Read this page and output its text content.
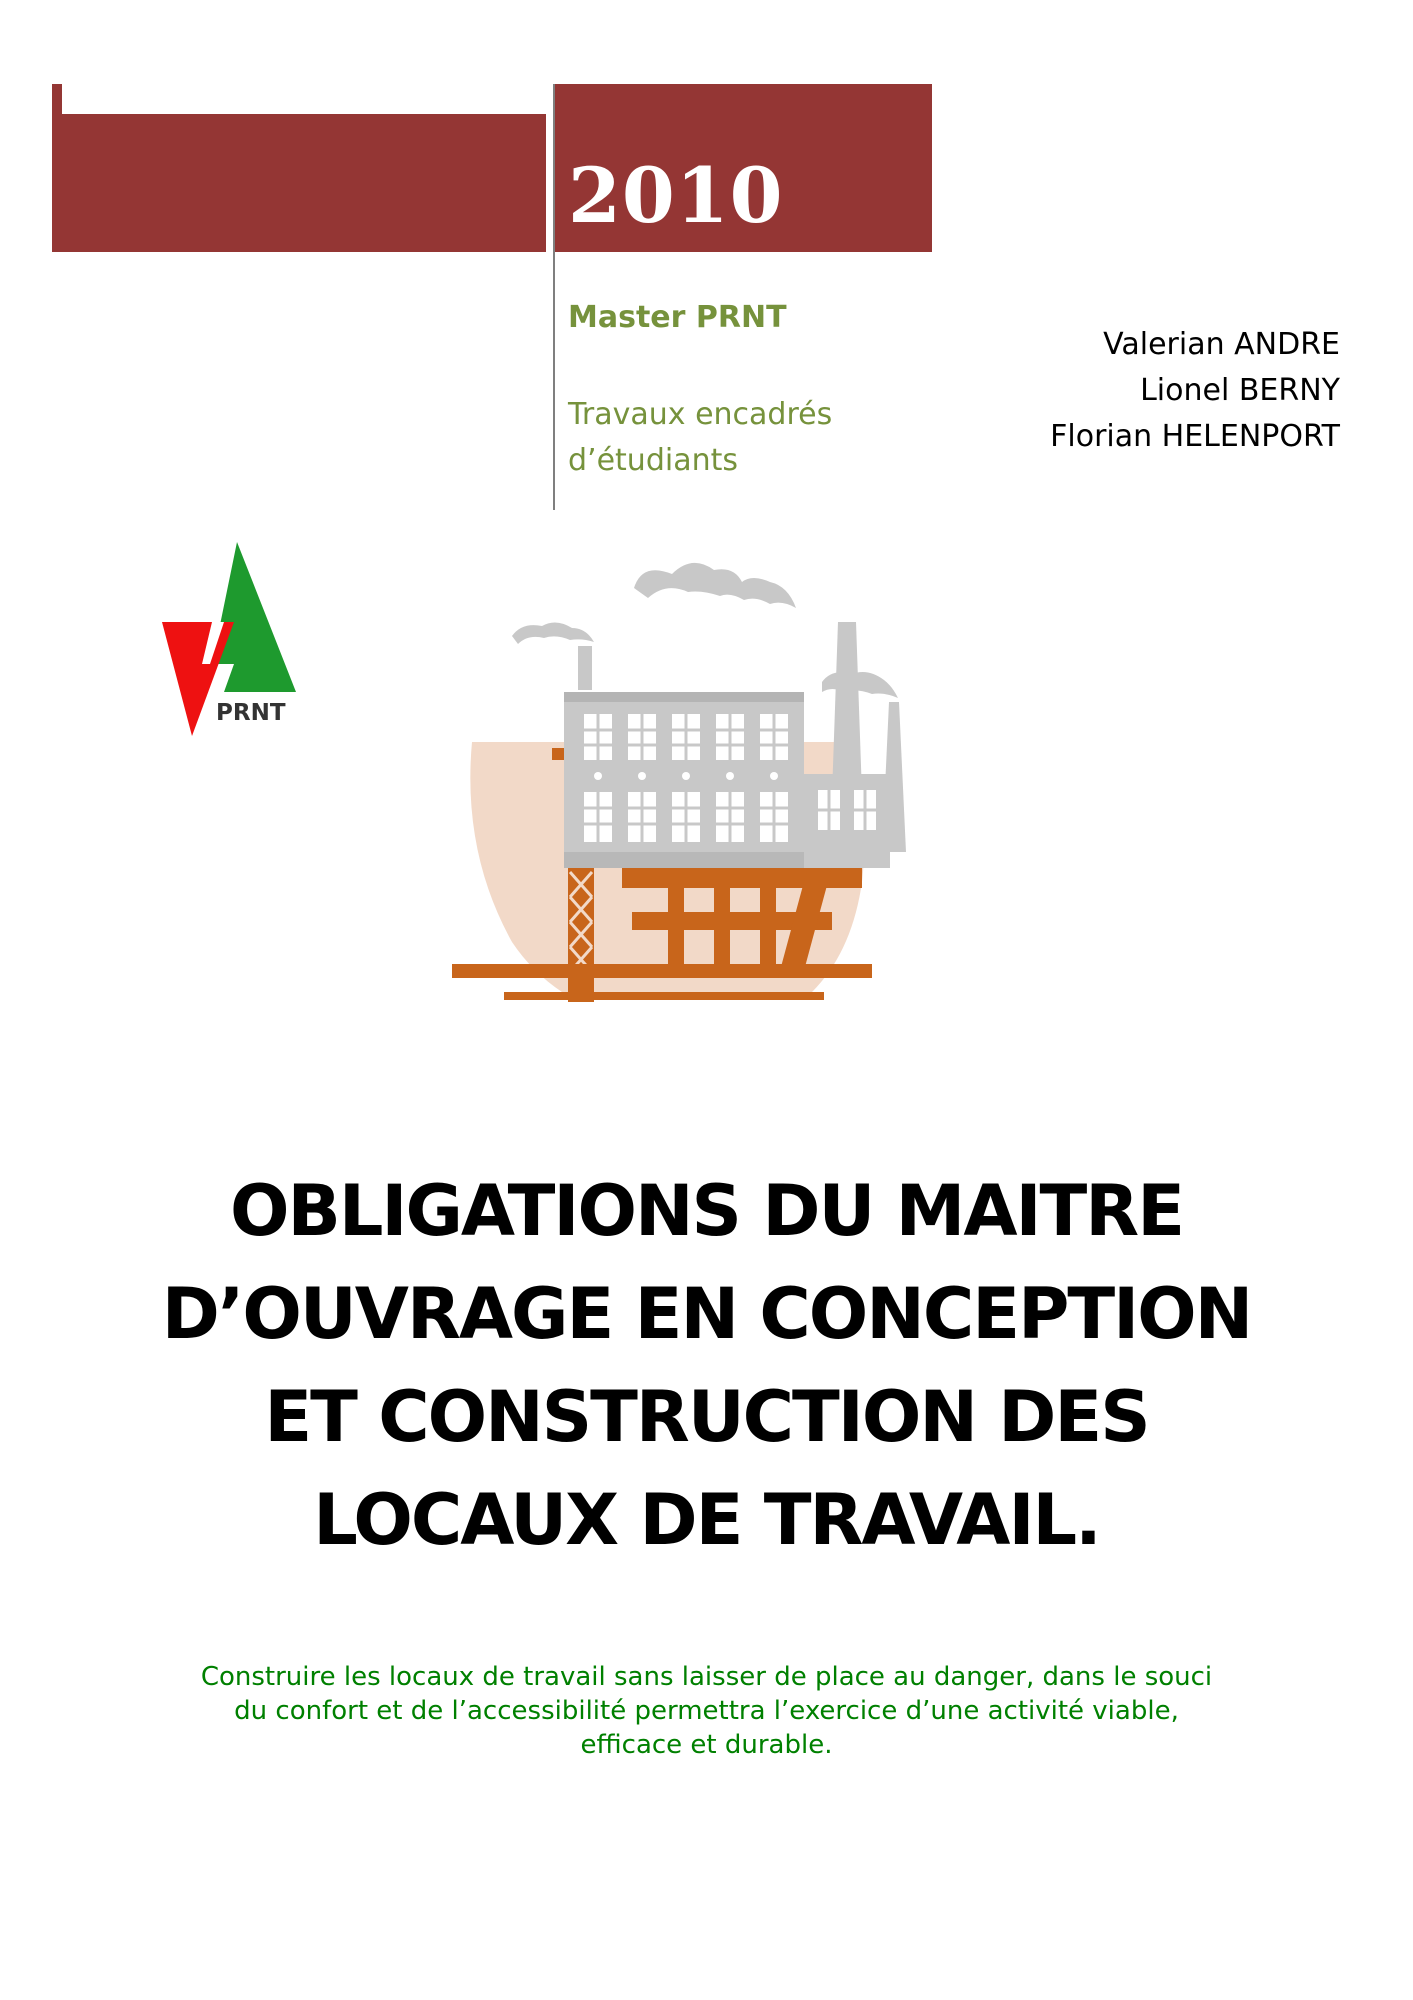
2010
Master PRNT
Travaux encadrés
d’étudiants
Valerian ANDRE
Lionel BERNY
Florian HELENPORT
PRNT
OBLIGATIONS DU MAITRE
D’OUVRAGE EN CONCEPTION
ET CONSTRUCTION DES
LOCAUX DE TRAVAIL.
Construire les locaux de travail sans laisser de place au danger, dans le souci
du confort et de l’accessibilité permettra l’exercice d’une activité viable,
efficace et durable.
